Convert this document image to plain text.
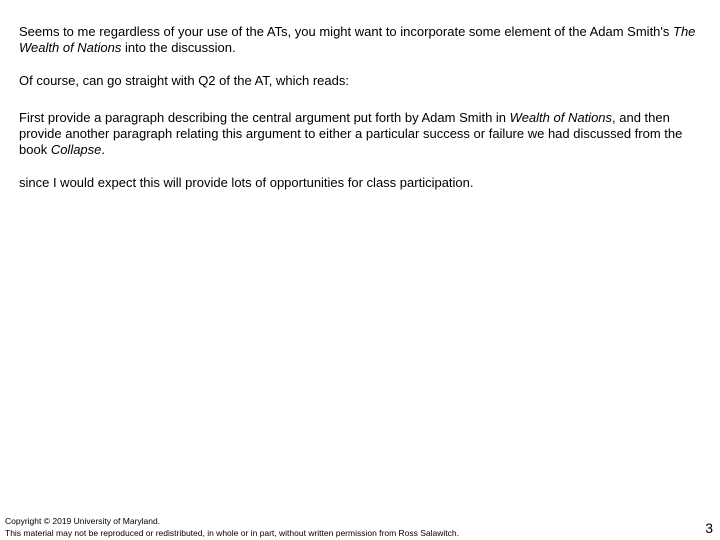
Seems to me regardless of your use of the ATs, you might want to incorporate some element of the Adam Smith's The Wealth of Nations into the discussion.

Of course, can go straight with Q2 of the AT, which reads:

First provide a paragraph describing the central argument put forth by Adam Smith in Wealth of Nations, and then provide another paragraph relating this argument to either a particular success or failure we had discussed from the book Collapse.

since I would expect this will provide lots of opportunities for class participation.

Copyright © 2019 University of Maryland.
This material may not be reproduced or redistributed, in whole or in part, without written permission from Ross Salawitch.	3
